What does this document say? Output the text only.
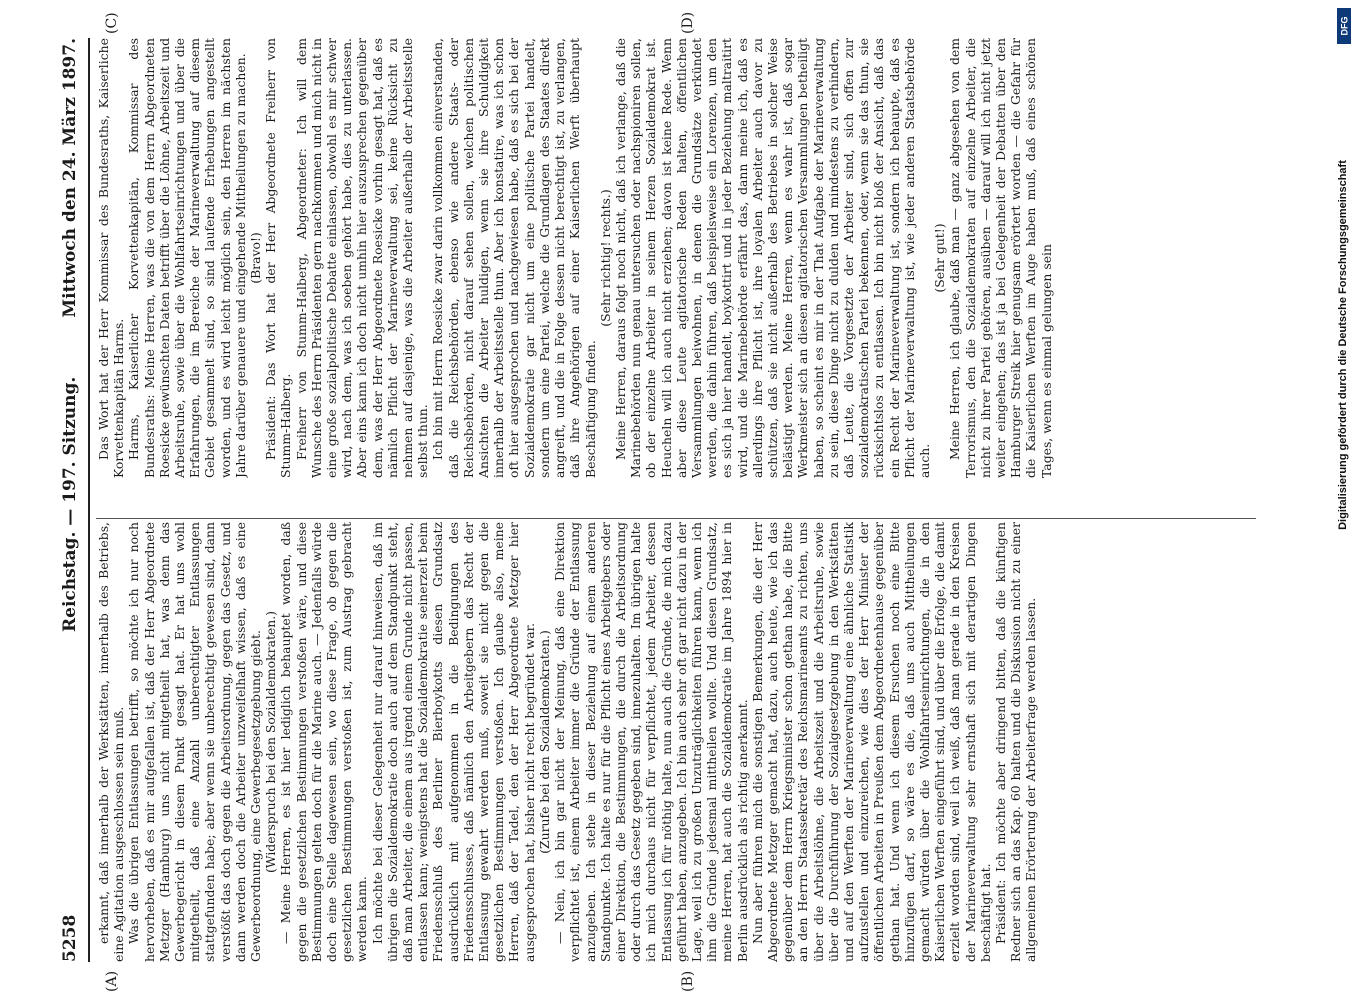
5258
Reichstag. — 197. Sitzung.
Mittwoch den 24. März 1897.

erkannt, daß innerhalb der Werkstätten, innerhalb des Betriebs, eine Agitation ausgeschlossen sein muß. Was die übrigen Entlassungen betrifft, so möchte ich nur noch hervorheben, daß es mir aufgefallen ist, daß der Herr Abgeordnete Metzger (Hamburg) uns nicht mitgetheilt hat, was denn das Gewerbegericht in diesem Punkt gesagt hat. Er hat uns wohl mitgetheilt, daß eine Anzahl unberechtigter Entlassungen stattgefunden habe; aber wenn sie unberechtigt gewesen sind, dann verstößt das doch gegen die Arbeitsordnung, gegen das Gesetz, und dann werden doch die Arbeiter unzweifelhaft wissen, daß es eine Gewerbeordnung, eine Gewerbegesetzgebung giebt. (Widerspruch bei den Sozialdemokraten.) — Meine Herren, es ist hier lediglich behauptet worden, daß gegen die gesetzlichen Bestimmungen verstoßen wäre, und diese Bestimmungen gelten doch für die Marine auch. — Jedenfalls würde doch eine Stelle dagewesen sein, wo diese Frage, ob gegen die gesetzlichen Bestimmungen verstoßen ist, zum Austrag gebracht werden kann. Ich möchte bei dieser Gelegenheit nur darauf hinweisen, daß im übrigen die Sozialdemokratie doch auch auf dem Standpunkt steht, daß man Arbeiter, die einem aus irgend einem Grunde nicht passen, entlassen kann; wenigstens hat die Sozialdemokratie seinerzeit beim Friedensschluß des Berliner Bierboykotts diesen Grundsatz ausdrücklich mit aufgenommen in die Bedingungen des Friedensschlusses, daß nämlich den Arbeitgebern das Recht der Entlassung gewahrt werden muß, soweit sie nicht gegen die gesetzlichen Bestimmungen verstoßen. Ich glaube also, meine Herren, daß der Tadel, den der Herr Abgeordnete Metzger hier ausgesprochen hat, bisher nicht recht begründet war. (Zurufe bei den Sozialdemokraten.) — Nein, ich bin gar nicht der Meinung, daß eine Direktion verpflichtet ist, einem Arbeiter immer die Gründe der Entlassung anzugeben. Ich stehe in dieser Beziehung auf einem anderen Standpunkte. Ich halte es nur für die Pflicht eines Arbeitgebers oder einer Direktion, die Bestimmungen, die durch die Arbeitsordnung oder durch das Gesetz gegeben sind, innezuhalten. Im übrigen halte ich mich durchaus nicht für verpflichtet, jedem Arbeiter, dessen Entlassung ich für nöthig halte, nun auch die Gründe, die mich dazu geführt haben, anzugeben. Ich bin auch sehr oft gar nicht dazu in der Lage, weil ich zu großen Unzuträglichkeiten führen kann, wenn ich ihm die Gründe jedesmal mittheilen wollte. Und diesen Grundsatz, meine Herren, hat auch die Sozialdemokratie im Jahre 1894 hier in Berlin ausdrücklich als richtig anerkannt. Nun aber führen mich die sonstigen Bemerkungen, die der Herr Abgeordnete Metzger gemacht hat, dazu, auch heute, wie ich das gegenüber dem Herrn Kriegsminister schon gethan habe, die Bitte an den Herrn Staatssekretär des Reichsmarineamts zu richten, uns über die Arbeitslöhne, die Arbeitszeit und die Arbeitsruhe, sowie über die Durchführung der Sozialgesetzgebung in den Werkstätten und auf den Werften der Marineverwaltung eine ähnliche Statistik aufzustellen und einzureichen, wie dies der Herr Minister der öffentlichen Arbeiten in Preußen dem Abgeordnetenhause gegenüber gethan hat. Und wenn ich diesem Ersuchen noch eine Bitte hinzufügen darf, so wäre es die, daß uns auch Mittheilungen gemacht würden über die Wohlfahrtseinrichtungen, die in den Kaiserlichen Werften eingeführt sind, und über die Erfolge, die damit erzielt worden sind, weil ich weiß, daß man gerade in den Kreisen der Marineverwaltung sehr ernsthaft sich mit derartigen Dingen beschäftigt hat. Präsident: Ich möchte aber dringend bitten, daß die künftigen Redner sich an das Kap. 60 halten und die Diskussion nicht zu einer allgemeinen Erörterung der Arbeiterfrage werden lassen.

Das Wort hat der Herr Kommissar des Bundesraths, Kaiserliche Korvettenkapitän Harms. Harms, Kaiserlicher Korvettenkapitän, Kommissar des Bundesraths: Meine Herren, was die von dem Herrn Abgeordneten Roesicke gewünschten Daten betrifft über die Löhne, Arbeitszeit und Arbeitsruhe, sowie über die Wohlfahrtseinrichtungen und über die Erfahrungen, die im Bereiche der Marineverwaltung auf diesem Gebiet gesammelt sind, so sind laufende Erhebungen angestellt worden, und es wird leicht möglich sein, den Herren im nächsten Jahre darüber genauere und eingehende Mittheilungen zu machen. (Bravo!) Präsident: Das Wort hat der Herr Abgeordnete Freiherr von Stumm-Halberg. Freiherr von Stumm-Halberg, Abgeordneter: Ich will dem Wunsche des Herrn Präsidenten gern nachkommen und mich nicht in eine große sozialpolitische Debatte einlassen, obwohl es mir schwer wird, nach dem, was ich soeben gehört habe, dies zu unterlassen. Aber eins kann ich doch nicht umhin hier auszusprechen gegenüber dem, was der Herr Abgeordnete Roesicke vorhin gesagt hat, daß es nämlich Pflicht der Marineverwaltung sei, keine Rücksicht zu nehmen auf dasjenige, was die Arbeiter außerhalb der Arbeitsstelle selbst thun. Ich bin mit Herrn Roesicke zwar darin vollkommen einverstanden, daß die Reichsbehörden, ebenso wie andere Staats- oder Reichsbehörden, nicht darauf sehen sollen, welchen politischen Ansichten die Arbeiter huldigen, wenn sie ihre Schuldigkeit innerhalb der Arbeitsstelle thun. Aber ich konstatire, was ich schon oft hier ausgesprochen und nachgewiesen habe, daß es sich bei der Sozialdemokratie gar nicht um eine politische Partei handelt, sondern um eine Partei, welche die Grundlagen des Staates direkt angreift, und die in Folge dessen nicht berechtigt ist, zu verlangen, daß ihre Angehörigen auf einer Kaiserlichen Werft überhaupt Beschäftigung finden.

(Sehr richtig! rechts.) Meine Herren, daraus folgt noch nicht, daß ich verlange, daß die Marinebehörden nun genau untersuchen oder nachspioniren sollen, ob der einzelne Arbeiter in seinem Herzen Sozialdemokrat ist. Heucheln will ich auch nicht erziehen; davon ist keine Rede. Wenn aber diese Leute agitatorische Reden halten, öffentlichen Versammlungen beiwohnen, in denen die Grundsätze verkündet werden, die dahin führen, daß beispielsweise ein Lorenzen, um den es sich ja hier handelt, boykottirt und in jeder Beziehung maltraitirt wird, und die Marinebehörde erfährt das, dann meine ich, daß es allerdings ihre Pflicht ist, ihre loyalen Arbeiter auch davor zu schützen, daß sie nicht außerhalb des Betriebes in solcher Weise belästigt werden. Meine Herren, wenn es wahr ist, daß sogar Werkmeister sich an diesen agitatorischen Versammlungen betheiligt haben, so scheint es mir in der That Aufgabe der Marineverwaltung zu sein, diese Dinge nicht zu dulden und mindestens zu verhindern, daß Leute, die Vorgesetzte der Arbeiter sind, sich offen zur sozialdemokratischen Partei bekennen, oder, wenn sie das thun, sie rücksichtslos zu entlassen. Ich bin nicht bloß der Ansicht, daß das ein Recht der Marineverwaltung ist, sondern ich behaupte, daß es Pflicht der Marineverwaltung ist, wie jeder anderen Staatsbehörde auch.

(Sehr gut!) Meine Herren, ich glaube, daß man — ganz abgesehen von dem Terrorismus, den die Sozialdemokraten auf einzelne Arbeiter, die nicht zu ihrer Partei gehören, ausüben — darauf will ich nicht jetzt weiter eingehen; das ist ja bei Gelegenheit der Debatten über den Hamburger Streik hier genugsam erörtert worden — die Gefahr für die Kaiserlichen Werften im Auge haben muß, daß eines schönen Tages, wenn es einmal gelungen sein

(A)	(B)
(C)	(D)	DFG
Digitalisierung gefördert durch die Deutsche Forschungsgemeinschaft
